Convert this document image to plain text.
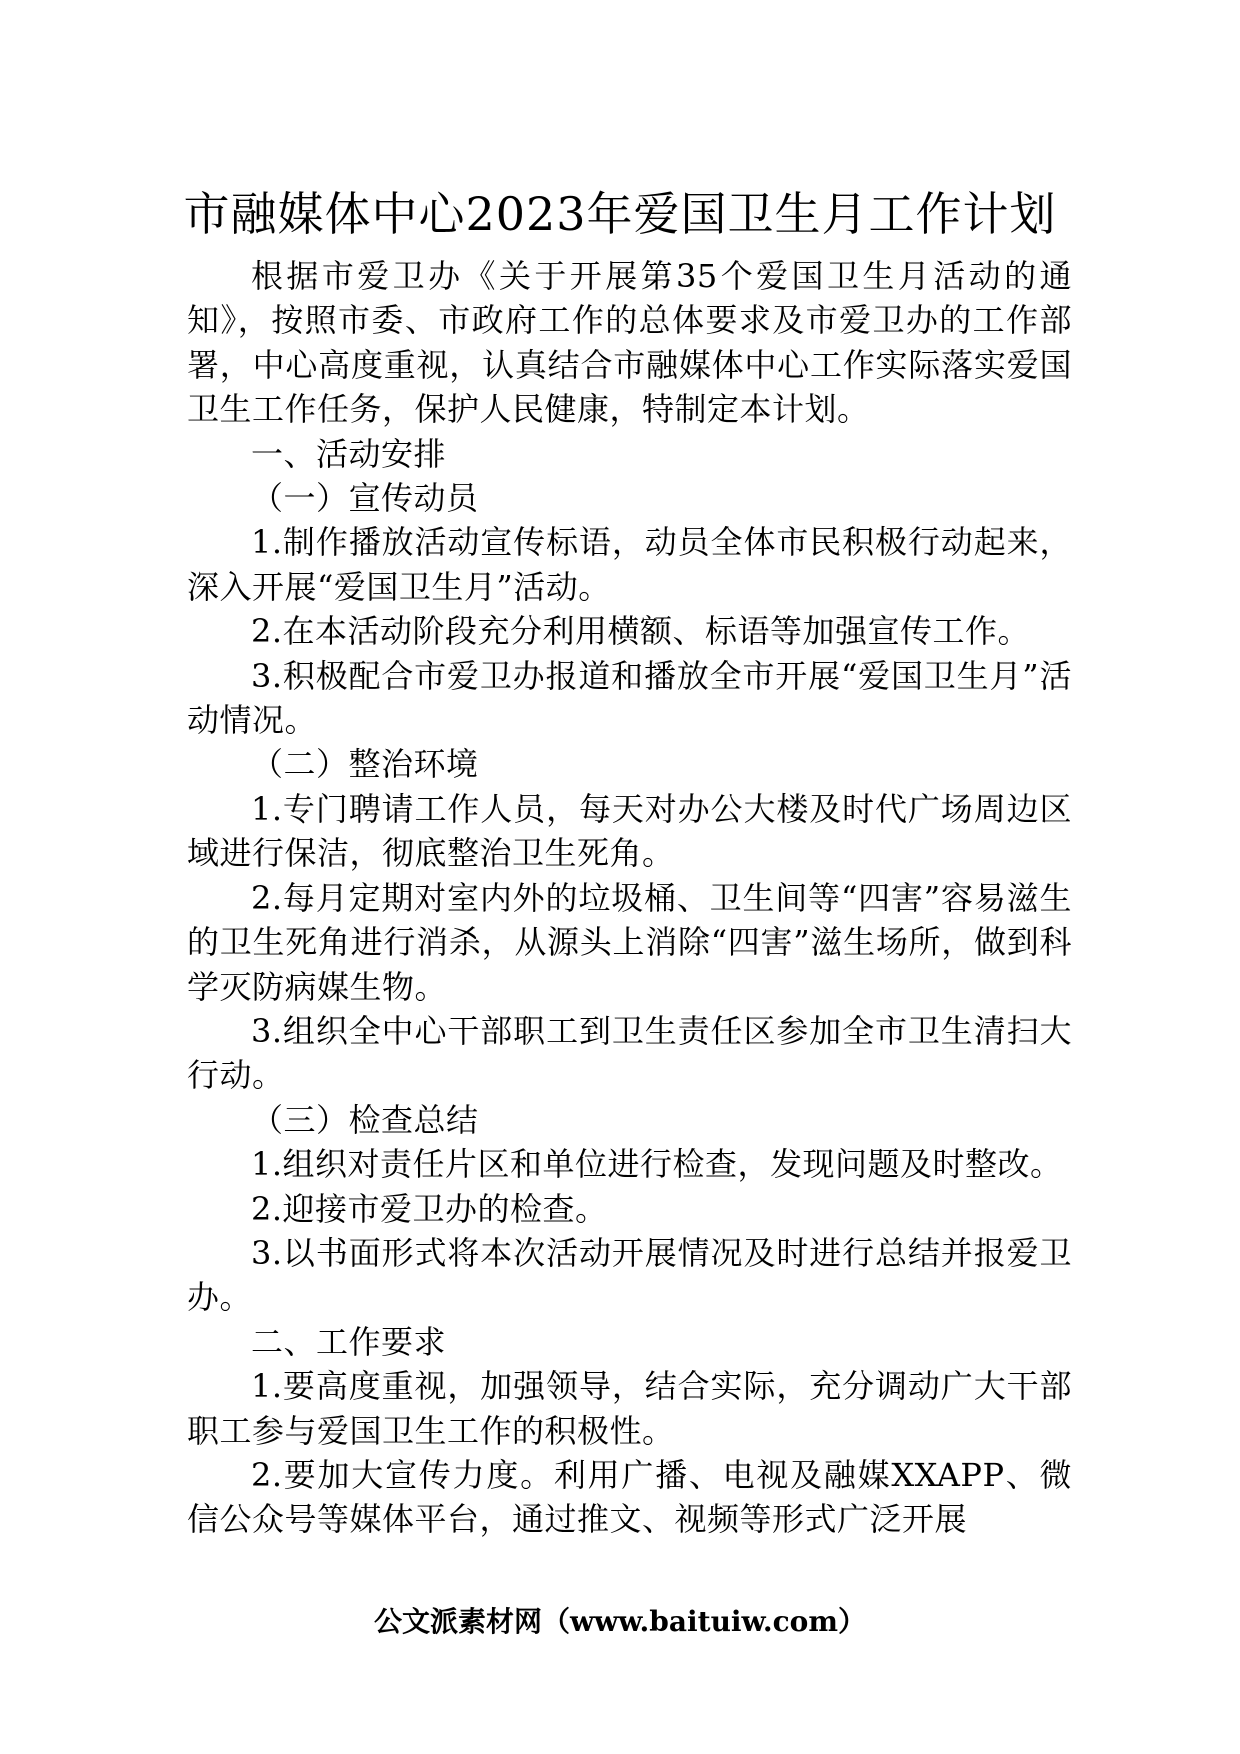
市融媒体中心2023年爱国卫生月工作计划

根据市爱卫办《关于开展第35个爱国卫生月活动的通知》，按照市委、市政府工作的总体要求及市爱卫办的工作部署，中心高度重视，认真结合市融媒体中心工作实际落实爱国卫生工作任务，保护人民健康，特制定本计划。

一、活动安排

（一）宣传动员

1.制作播放活动宣传标语，动员全体市民积极行动起来，深入开展“爱国卫生月”活动。

2.在本活动阶段充分利用横额、标语等加强宣传工作。

3.积极配合市爱卫办报道和播放全市开展“爱国卫生月”活动情况。

（二）整治环境

1.专门聘请工作人员，每天对办公大楼及时代广场周边区域进行保洁，彻底整治卫生死角。

2.每月定期对室内外的垃圾桶、卫生间等“四害”容易滋生的卫生死角进行消杀，从源头上消除“四害”滋生场所，做到科学灭防病媒生物。

3.组织全中心干部职工到卫生责任区参加全市卫生清扫大行动。

（三）检查总结

1.组织对责任片区和单位进行检查，发现问题及时整改。

2.迎接市爱卫办的检查。

3.以书面形式将本次活动开展情况及时进行总结并报爱卫办。

二、工作要求

1.要高度重视，加强领导，结合实际，充分调动广大干部职工参与爱国卫生工作的积极性。

2.要加大宣传力度。利用广播、电视及融媒XXAPP、微信公众号等媒体平台，通过推文、视频等形式广泛开展

公文派素材网（www.baituiw.com）
